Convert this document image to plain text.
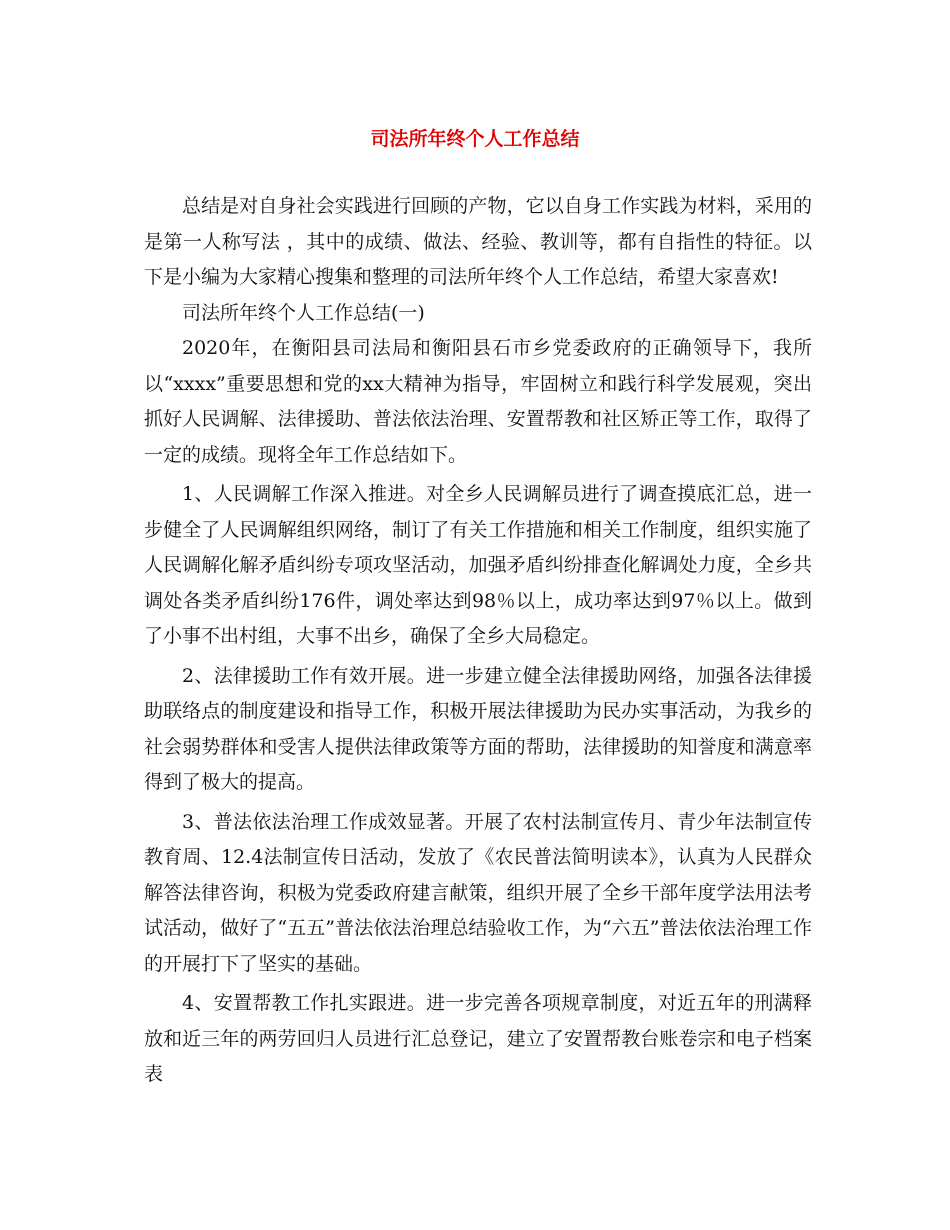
司法所年终个人工作总结

总结是对自身社会实践进行回顾的产物，它以自身工作实践为材料，采用的是第一人称写法 ，其中的成绩、做法、经验、教训等，都有自指性的特征。以下是小编为大家精心搜集和整理的司法所年终个人工作总结，希望大家喜欢!

司法所年终个人工作总结(一)

2020年，在衡阳县司法局和衡阳县石市乡党委政府的正确领导下，我所以“xxxx”重要思想和党的xx大精神为指导，牢固树立和践行科学发展观，突出抓好人民调解、法律援助、普法依法治理、安置帮教和社区矫正等工作，取得了一定的成绩。现将全年工作总结如下。

1、人民调解工作深入推进。对全乡人民调解员进行了调查摸底汇总，进一步健全了人民调解组织网络，制订了有关工作措施和相关工作制度，组织实施了人民调解化解矛盾纠纷专项攻坚活动，加强矛盾纠纷排查化解调处力度，全乡共调处各类矛盾纠纷176件，调处率达到98％以上，成功率达到97％以上。做到了小事不出村组，大事不出乡，确保了全乡大局稳定。

2、法律援助工作有效开展。进一步建立健全法律援助网络，加强各法律援助联络点的制度建设和指导工作，积极开展法律援助为民办实事活动，为我乡的社会弱势群体和受害人提供法律政策等方面的帮助，法律援助的知誉度和满意率得到了极大的提高。

3、普法依法治理工作成效显著。开展了农村法制宣传月、青少年法制宣传教育周、12.4法制宣传日活动，发放了《农民普法简明读本》，认真为人民群众解答法律咨询，积极为党委政府建言献策，组织开展了全乡干部年度学法用法考试活动，做好了“五五”普法依法治理总结验收工作，为“六五”普法依法治理工作的开展打下了坚实的基础。

4、安置帮教工作扎实跟进。进一步完善各项规章制度，对近五年的刑满释放和近三年的两劳回归人员进行汇总登记，建立了安置帮教台账卷宗和电子档案表
